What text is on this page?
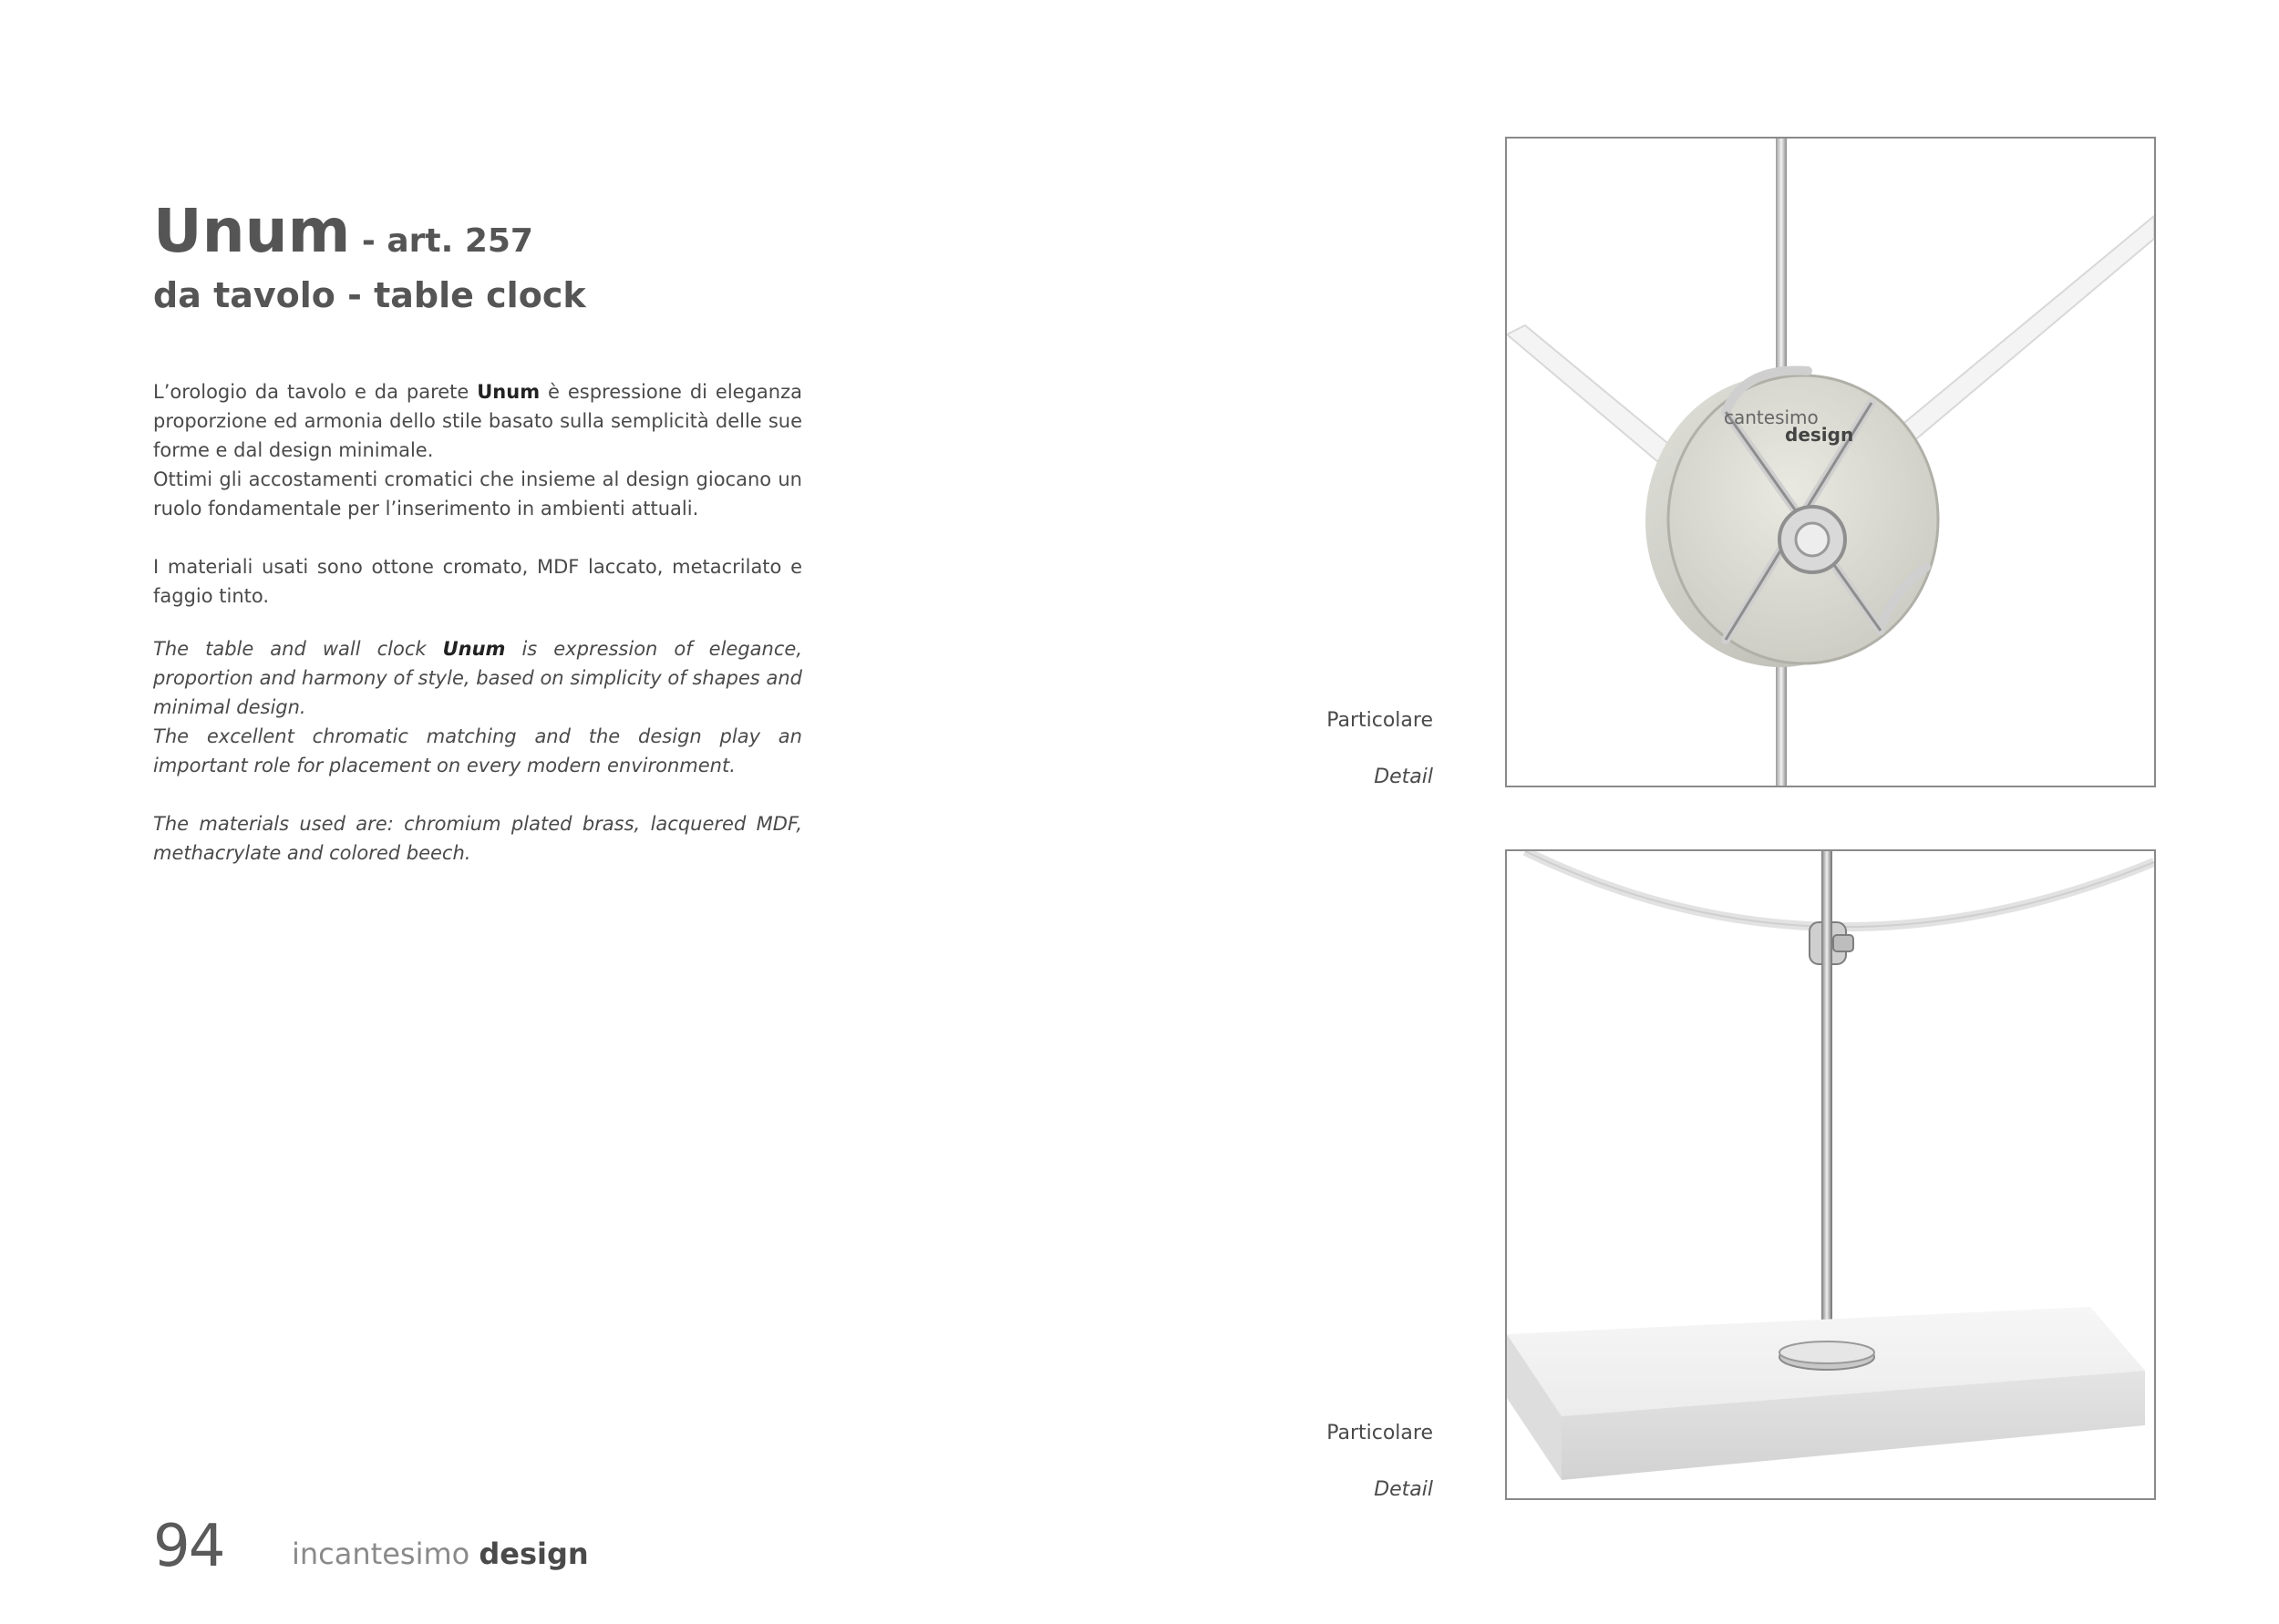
Unum - art. 257
da tavolo - table clock

L’orologio da tavolo e da parete Unum è espressione di eleganza proporzione ed armonia dello stile basato sulla semplicità delle sue forme e dal design minimale.
Ottimi gli accostamenti cromatici che insieme al design giocano un ruolo fondamentale per l’inserimento in ambienti attuali.

I materiali usati sono ottone cromato, MDF laccato, metacrilato e faggio tinto.

The table and wall clock Unum is expression of elegance, proportion and harmony of style, based on simplicity of shapes and minimal design.
The excellent chromatic matching and the design play an important role for placement on every modern environment.

The materials used are: chromium plated brass, lacquered MDF, methacrylate and colored beech.

Particolare
Detail
cantesimo
design
Particolare
Detail
94 incantesimo design
